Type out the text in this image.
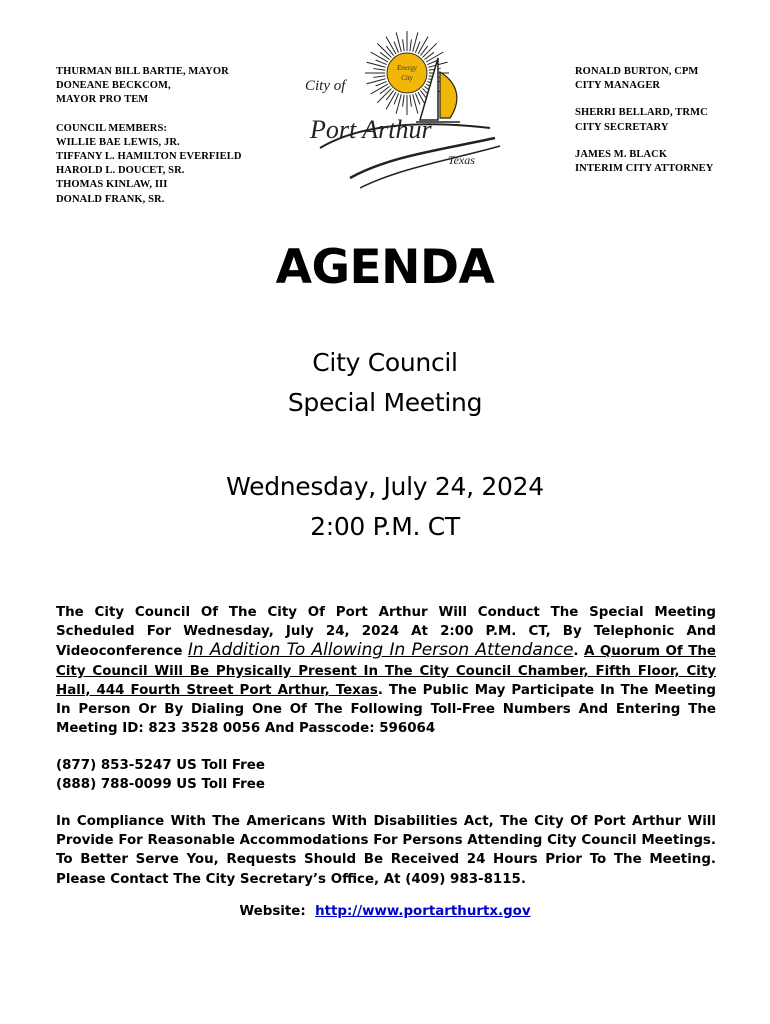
THURMAN BILL BARTIE, MAYOR
DONEANE BECKCOM,
MAYOR PRO TEM
COUNCIL MEMBERS:
WILLIE BAE LEWIS, JR.
TIFFANY L. HAMILTON EVERFIELD
HAROLD L. DOUCET, SR.
THOMAS KINLAW, III
DONALD FRANK, SR.
Energy
City
City of
Port Arthur
Texas
RONALD BURTON, CPM
CITY MANAGER
SHERRI BELLARD, TRMC
CITY SECRETARY
JAMES M. BLACK
INTERIM CITY ATTORNEY
AGENDA
City Council
Special Meeting
Wednesday, July 24, 2024
2:00 P.M. CT
The City Council Of The City Of Port Arthur Will Conduct The Special Meeting Scheduled For Wednesday, July 24, 2024 At 2:00 P.M. CT, By Telephonic And Videoconference In Addition To Allowing In Person Attendance. A Quorum Of The City Council Will Be Physically Present In The City Council Chamber, Fifth Floor, City Hall, 444 Fourth Street Port Arthur, Texas. The Public May Participate In The Meeting In Person Or By Dialing One Of The Following Toll-Free Numbers And Entering The Meeting ID: 823 3528 0056 And Passcode: 596064
(877) 853-5247 US Toll Free
(888) 788-0099 US Toll Free
In Compliance With The Americans With Disabilities Act, The City Of Port Arthur Will Provide For Reasonable Accommodations For Persons Attending City Council Meetings. To Better Serve You, Requests Should Be Received 24 Hours Prior To The Meeting. Please Contact The City Secretary’s Office, At (409) 983-8115.
Website: http://www.portarthurtx.gov
